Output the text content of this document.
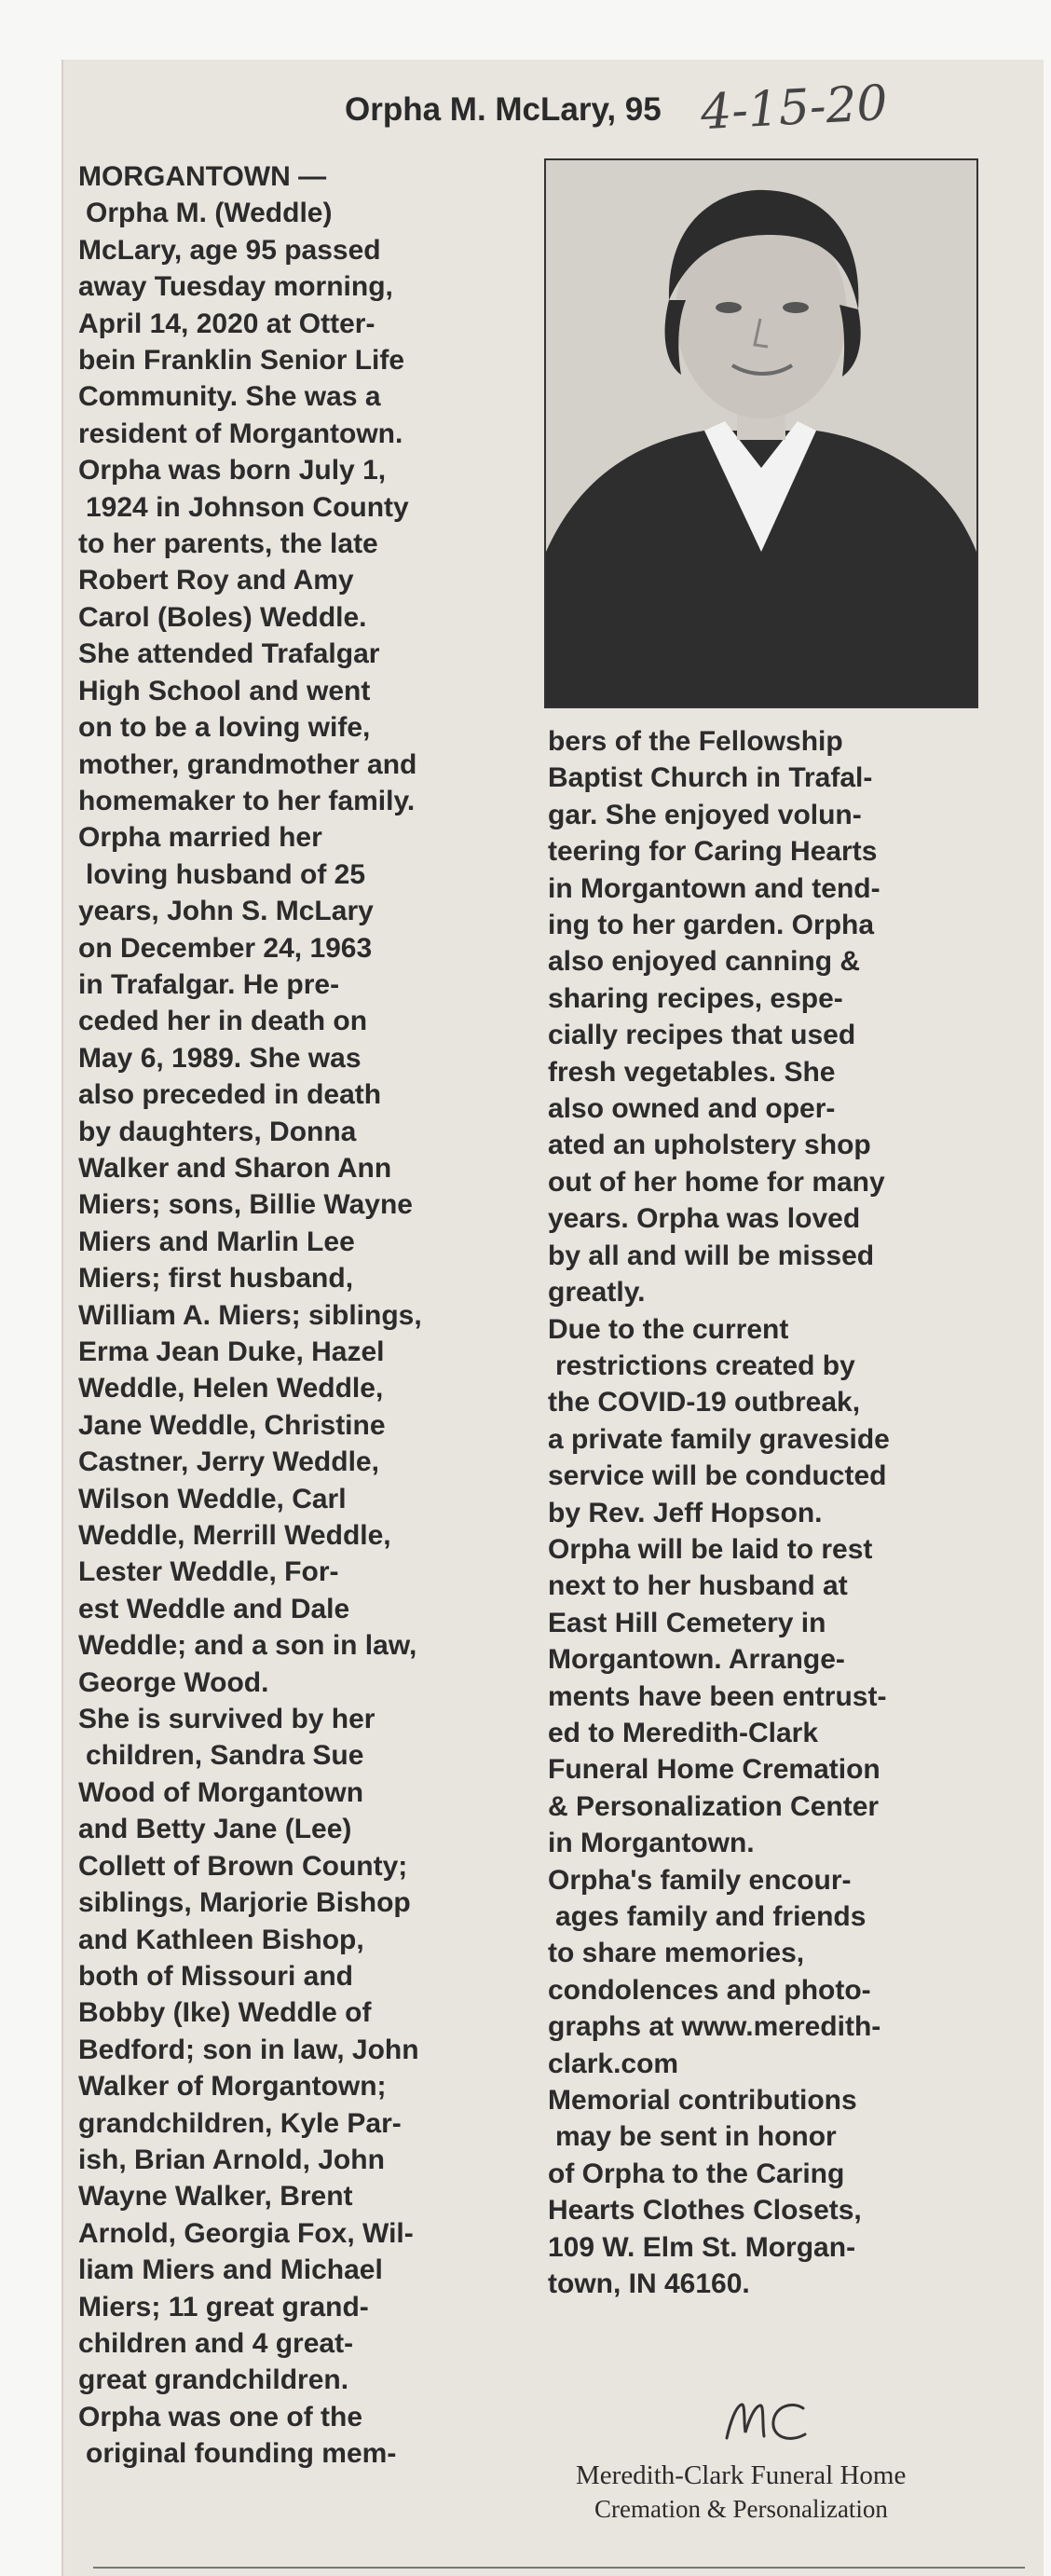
Orpha M. McLary, 95 4-15-20

MORGANTOWN —

Orpha M. (Weddle)

McLary, age 95 passed

away Tuesday morning,

April 14, 2020 at Otter-

bein Franklin Senior Life

Community. She was a

resident of Morgantown.

Orpha was born July 1,

1924 in Johnson County

to her parents, the late

Robert Roy and Amy

Carol (Boles) Weddle.

She attended Trafalgar

High School and went

on to be a loving wife,

mother, grandmother and

homemaker to her family.

Orpha married her

loving husband of 25

years, John S. McLary

on December 24, 1963

in Trafalgar. He pre-

ceded her in death on

May 6, 1989. She was

also preceded in death

by daughters, Donna

Walker and Sharon Ann

Miers; sons, Billie Wayne

Miers and Marlin Lee

Miers; first husband,

William A. Miers; siblings,

Erma Jean Duke, Hazel

Weddle, Helen Weddle,

Jane Weddle, Christine

Castner, Jerry Weddle,

Wilson Weddle, Carl

Weddle, Merrill Weddle,

Lester Weddle, For-

est Weddle and Dale

Weddle; and a son in law,

George Wood.

She is survived by her

children, Sandra Sue

Wood of Morgantown

and Betty Jane (Lee)

Collett of Brown County;

siblings, Marjorie Bishop

and Kathleen Bishop,

both of Missouri and

Bobby (Ike) Weddle of

Bedford; son in law, John

Walker of Morgantown;

grandchildren, Kyle Par-

ish, Brian Arnold, John

Wayne Walker, Brent

Arnold, Georgia Fox, Wil-

liam Miers and Michael

Miers; 11 great grand-

children and 4 great-

great grandchildren.

Orpha was one of the

original founding mem-

bers of the Fellowship

Baptist Church in Trafal-

gar. She enjoyed volun-

teering for Caring Hearts

in Morgantown and tend-

ing to her garden. Orpha

also enjoyed canning &

sharing recipes, espe-

cially recipes that used

fresh vegetables. She

also owned and oper-

ated an upholstery shop

out of her home for many

years. Orpha was loved

by all and will be missed

greatly.

Due to the current

restrictions created by

the COVID-19 outbreak,

a private family graveside

service will be conducted

by Rev. Jeff Hopson.

Orpha will be laid to rest

next to her husband at

East Hill Cemetery in

Morgantown. Arrange-

ments have been entrust-

ed to Meredith-Clark

Funeral Home Cremation

& Personalization Center

in Morgantown.

Orpha's family encour-

ages family and friends

to share memories,

condolences and photo-

graphs at www.meredith-

clark.com

Memorial contributions

may be sent in honor

of Orpha to the Caring

Hearts Clothes Closets,

109 W. Elm St. Morgan-

town, IN 46160.

Meredith-Clark Funeral Home
Cremation & Personalization
